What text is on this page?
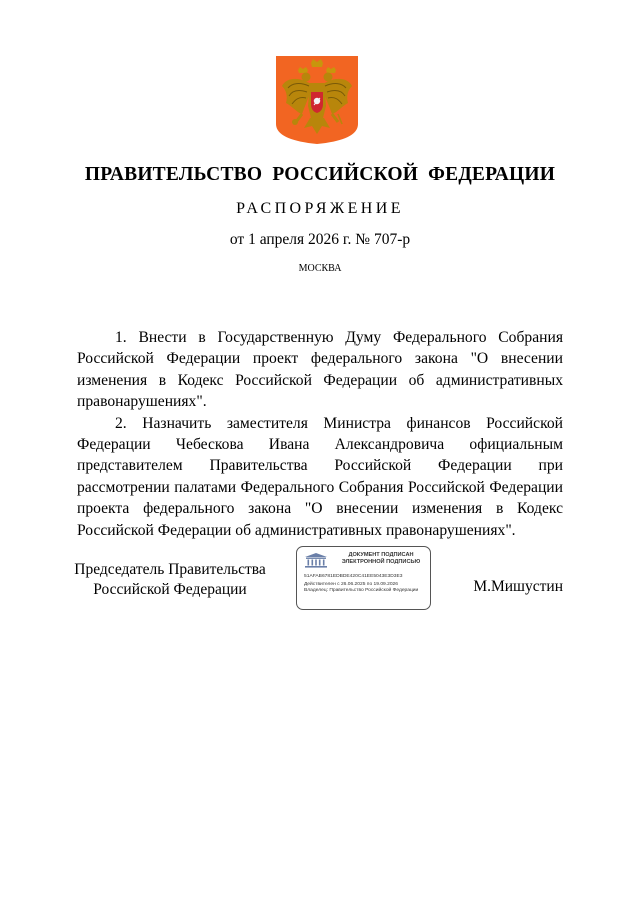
ПРАВИТЕЛЬСТВО РОССИЙСКОЙ ФЕДЕРАЦИИ
РАСПОРЯЖЕНИЕ
от 1 апреля 2026 г. № 707-р
МОСКВА

1. Внести в Государственную Думу Федерального Собрания Российской Федерации проект федерального закона "О внесении изменения в Кодекс Российской Федерации об административных правонарушениях".

2. Назначить заместителя Министра финансов Российской Федерации Чебескова Ивана Александровича официальным представителем Правительства Российской Федерации при рассмотрении палатами Федерального Собрания Российской Федерации проекта федерального закона "О внесении изменения в Кодекс Российской Федерации об административных правонарушениях".

Председатель Правительства
Российской Федерации
ДОКУМЕНТ ПОДПИСАН
ЭЛЕКТРОННОЙ ПОДПИСЬЮ
51AFAB6781EDBDE420C41EE5043E3D3E3
Действителен с 26.06.2025 по 19.09.2026
Владелец: Правительство Российской Федерации	М.Мишустин
